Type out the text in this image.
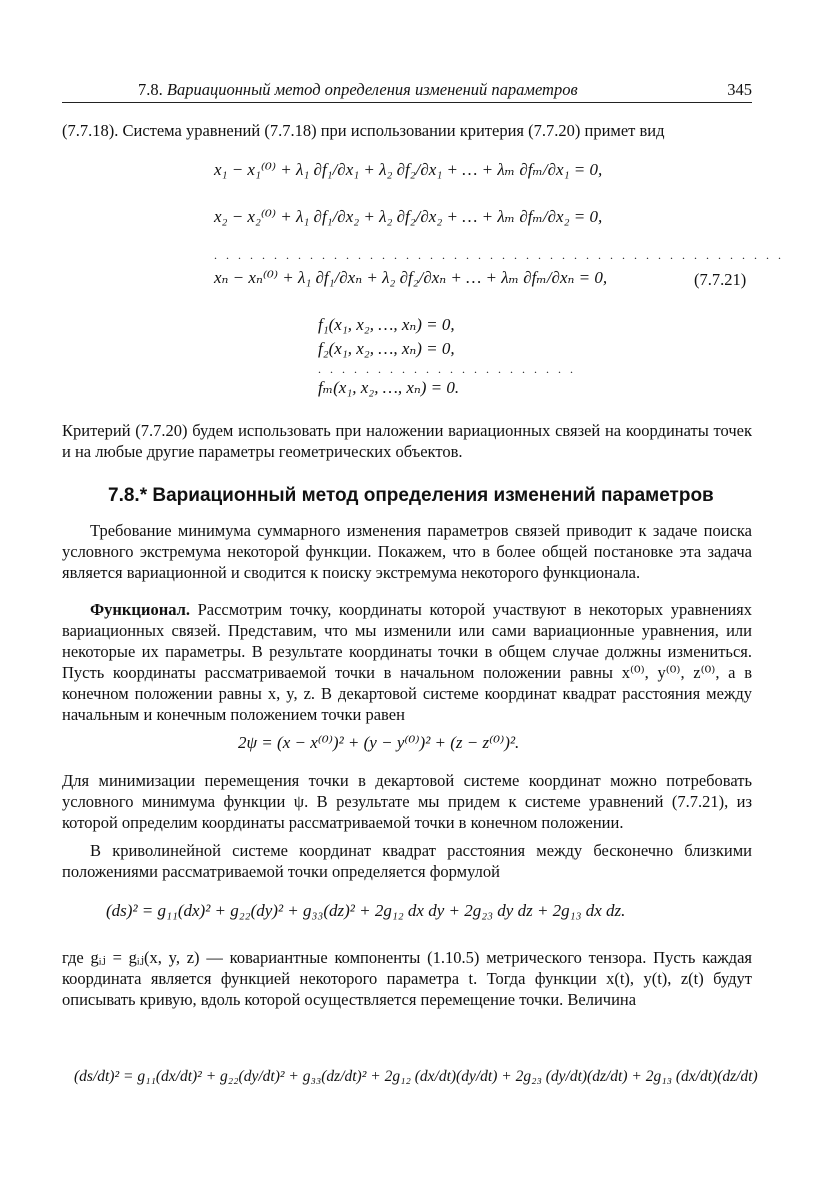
7.8. Вариационный метод определения изменений параметров	345
(7.7.18). Система уравнений (7.7.18) при использовании критерия (7.7.20) примет вид
x₁ − x₁⁽⁰⁾ + λ₁ ∂f₁/∂x₁ + λ₂ ∂f₂/∂x₁ + … + λₘ ∂fₘ/∂x₁ = 0,
x₂ − x₂⁽⁰⁾ + λ₁ ∂f₁/∂x₂ + λ₂ ∂f₂/∂x₂ + … + λₘ ∂fₘ/∂x₂ = 0,
. . . . . . . . . . . . . . . . . . . . . . . . . . . . . . . . . . . . . . . . . . . . . . . .
xₙ − xₙ⁽⁰⁾ + λ₁ ∂f₁/∂xₙ + λ₂ ∂f₂/∂xₙ + … + λₘ ∂fₘ/∂xₙ = 0,	(7.7.21)
f₁(x₁, x₂, …, xₙ) = 0,
f₂(x₁, x₂, …, xₙ) = 0,
. . . . . . . . . . . . . . . . . . . . . .
fₘ(x₁, x₂, …, xₙ) = 0.
Критерий (7.7.20) будем использовать при наложении вариационных связей на координаты точек и на любые другие параметры геометрических объектов.
7.8.* Вариационный метод определения изменений параметров
Требование минимума суммарного изменения параметров связей приводит к задаче поиска условного экстремума некоторой функции. Покажем, что в более общей постановке эта задача является вариационной и сводится к поиску экстремума некоторого функционала.
Функционал. Рассмотрим точку, координаты которой участвуют в некоторых уравнениях вариационных связей. Представим, что мы изменили или сами вариационные уравнения, или некоторые их параметры. В результате координаты точки в общем случае должны измениться. Пусть координаты рассматриваемой точки в начальном положении равны x⁽⁰⁾, y⁽⁰⁾, z⁽⁰⁾, а в конечном положении равны x, y, z. В декартовой системе координат квадрат расстояния между начальным и конечным положением точки равен
2ψ = (x − x⁽⁰⁾)² + (y − y⁽⁰⁾)² + (z − z⁽⁰⁾)².
Для минимизации перемещения точки в декартовой системе координат можно потребовать условного минимума функции ψ. В результате мы придем к системе уравнений (7.7.21), из которой определим координаты рассматриваемой точки в конечном положении.
В криволинейной системе координат квадрат расстояния между бесконечно близкими положениями рассматриваемой точки определяется формулой
(ds)² = g₁₁(dx)² + g₂₂(dy)² + g₃₃(dz)² + 2g₁₂ dx dy + 2g₂₃ dy dz + 2g₁₃ dx dz.
где gᵢⱼ = gᵢⱼ(x, y, z) — ковариантные компоненты (1.10.5) метрического тензора. Пусть каждая координата является функцией некоторого параметра t. Тогда функции x(t), y(t), z(t) будут описывать кривую, вдоль которой осуществляется перемещение точки. Величина
(ds/dt)² = g₁₁(dx/dt)² + g₂₂(dy/dt)² + g₃₃(dz/dt)² + 2g₁₂ (dx/dt)(dy/dt) + 2g₂₃ (dy/dt)(dz/dt) + 2g₁₃ (dx/dt)(dz/dt)
